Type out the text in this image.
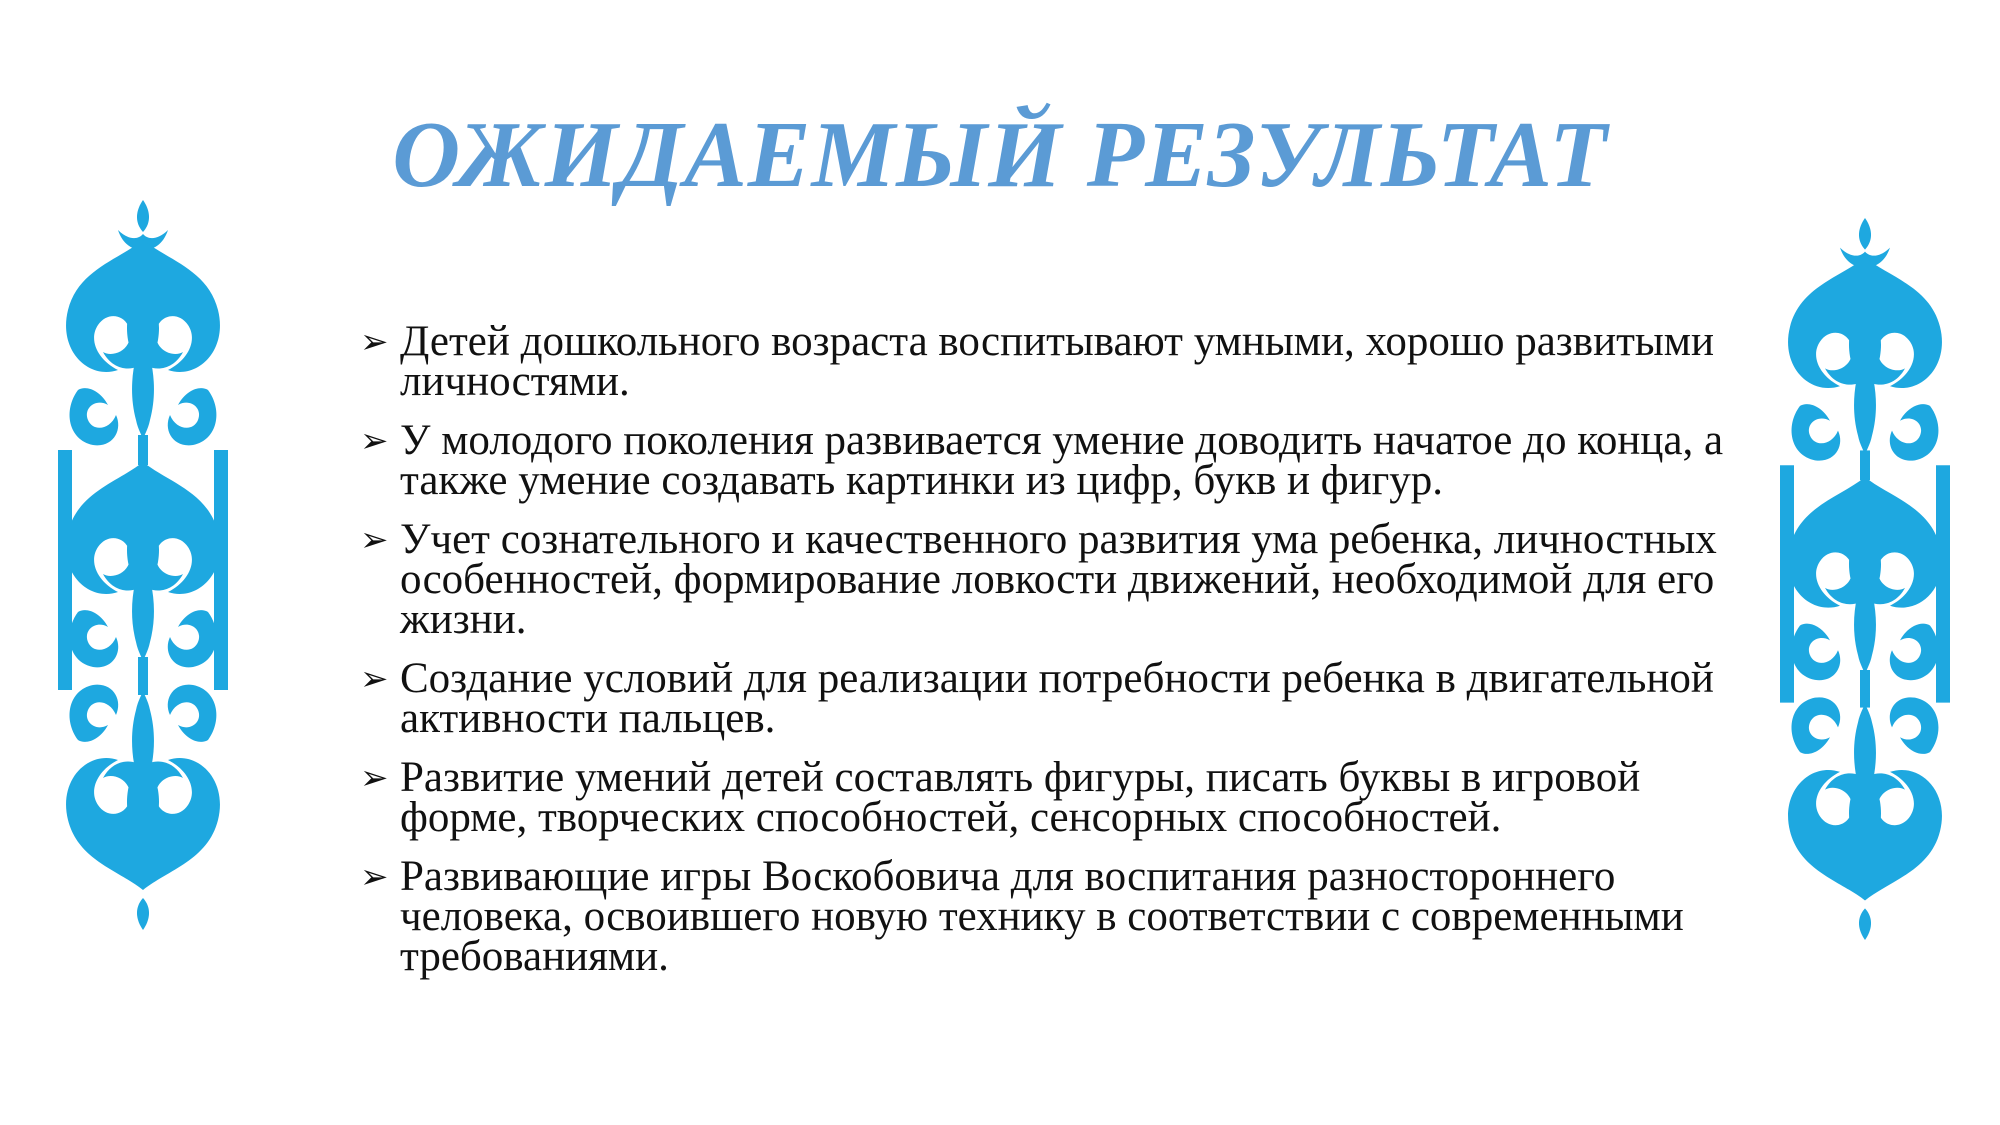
ОЖИДАЕМЫЙ РЕЗУЛЬТАТ
➢ Детей дошкольного возраста воспитывают умными, хорошо развитыми личностями.
➢ У молодого поколения развивается умение доводить начатое до конца, а также умение создавать картинки из цифр, букв и фигур.
➢ Учет сознательного и качественного развития ума ребенка, личностных особенностей, формирование ловкости движений, необходимой для его жизни.
➢ Создание условий для реализации потребности ребенка в двигательной активности пальцев.
➢ Развитие умений детей составлять фигуры, писать буквы в игровой форме, творческих способностей, сенсорных способностей.
➢ Развивающие игры Воскобовича для воспитания разностороннего человека, освоившего новую технику в соответствии с современными требованиями.
